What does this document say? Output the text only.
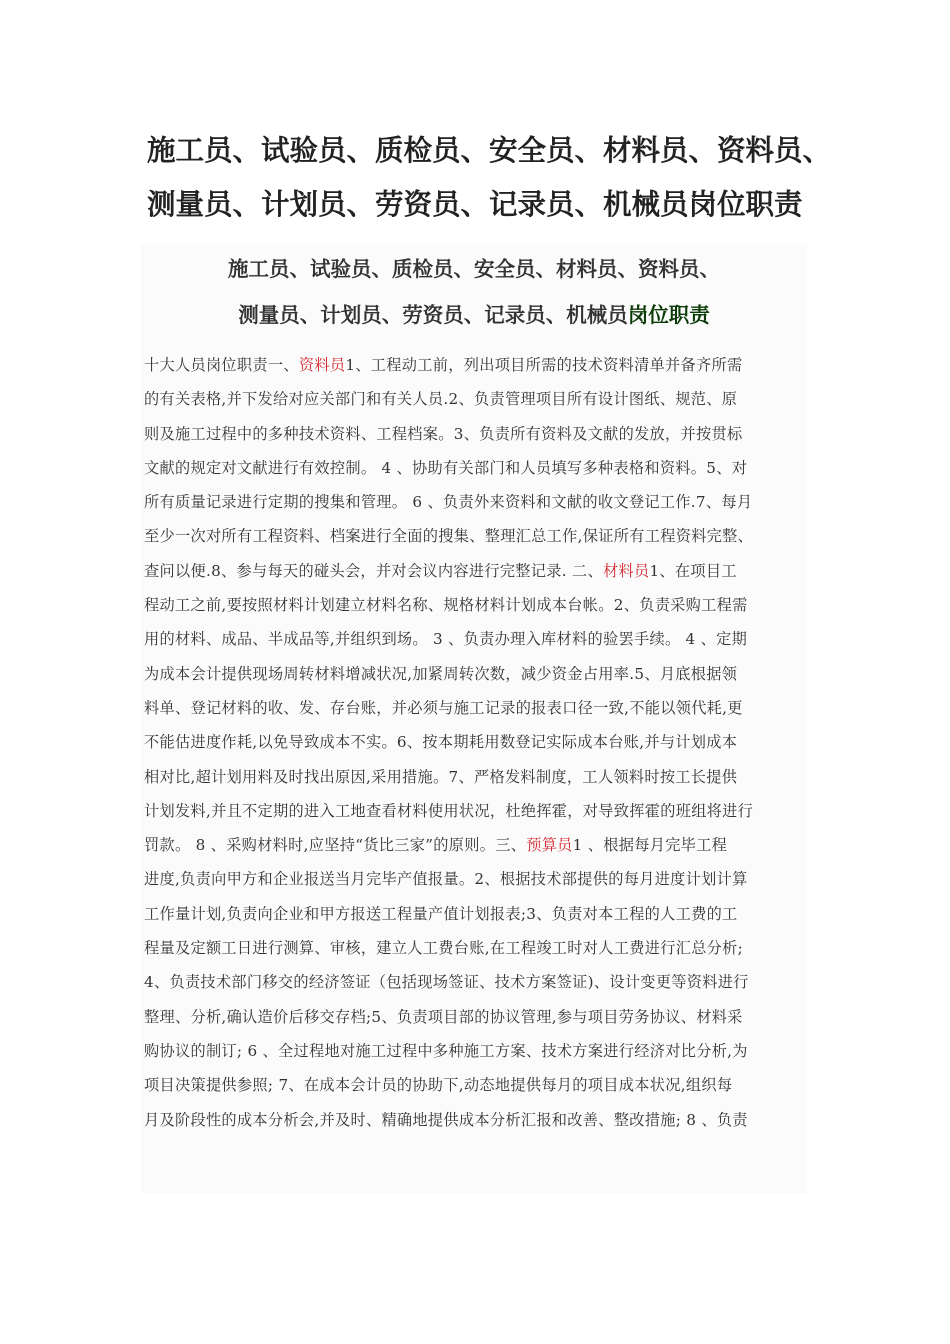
施工员、试验员、质检员、安全员、材料员、资料员、
测量员、计划员、劳资员、记录员、机械员岗位职责
施工员、试验员、质检员、安全员、材料员、资料员、
测量员、计划员、劳资员、记录员、机械员岗位职责
十大人员岗位职责一、资料员1、工程动工前，列出项目所需的技术资料清单并备齐所需
的有关表格,并下发给对应关部门和有关人员.2、负责管理项目所有设计图纸、规范、原
则及施工过程中的多种技术资料、工程档案。3、负责所有资料及文献的发放，并按贯标
文献的规定对文献进行有效控制。 4 、协助有关部门和人员填写多种表格和资料。5、对
所有质量记录进行定期的搜集和管理。 6 、负责外来资料和文献的收文登记工作.7、每月
至少一次对所有工程资料、档案进行全面的搜集、整理汇总工作,保证所有工程资料完整、
查问以便.8、参与每天的碰头会，并对会议内容进行完整记录. 二、材料员1、在项目工
程动工之前,要按照材料计划建立材料名称、规格材料计划成本台帐。2、负责采购工程需
用的材料、成品、半成品等,并组织到场。 3 、负责办理入库材料的验罢手续。 4 、定期
为成本会计提供现场周转材料增减状况,加紧周转次数，减少资金占用率.5、月底根据领
料单、登记材料的收、发、存台账，并必须与施工记录的报表口径一致,不能以领代耗,更
不能估进度作耗,以免导致成本不实。6、按本期耗用数登记实际成本台账,并与计划成本
相对比,超计划用料及时找出原因,采用措施。7、严格发料制度，工人领料时按工长提供
计划发料,并且不定期的进入工地查看材料使用状况，杜绝挥霍，对导致挥霍的班组将进行
罚款。 8 、采购材料时,应坚持“货比三家”的原则。三、预算员1 、根据每月完毕工程
进度,负责向甲方和企业报送当月完毕产值报量。2、根据技术部提供的每月进度计划计算
工作量计划,负责向企业和甲方报送工程量产值计划报表;3、负责对本工程的人工费的工
程量及定额工日进行测算、审核，建立人工费台账,在工程竣工时对人工费进行汇总分析;
4、负责技术部门移交的经济签证（包括现场签证、技术方案签证)、设计变更等资料进行
整理、分析,确认造价后移交存档;5、负责项目部的协议管理,参与项目劳务协议、材料采
购协议的制订; 6 、全过程地对施工过程中多种施工方案、技术方案进行经济对比分析,为
项目决策提供参照; 7、在成本会计员的协助下,动态地提供每月的项目成本状况,组织每
月及阶段性的成本分析会,并及时、精确地提供成本分析汇报和改善、整改措施; 8 、负责
